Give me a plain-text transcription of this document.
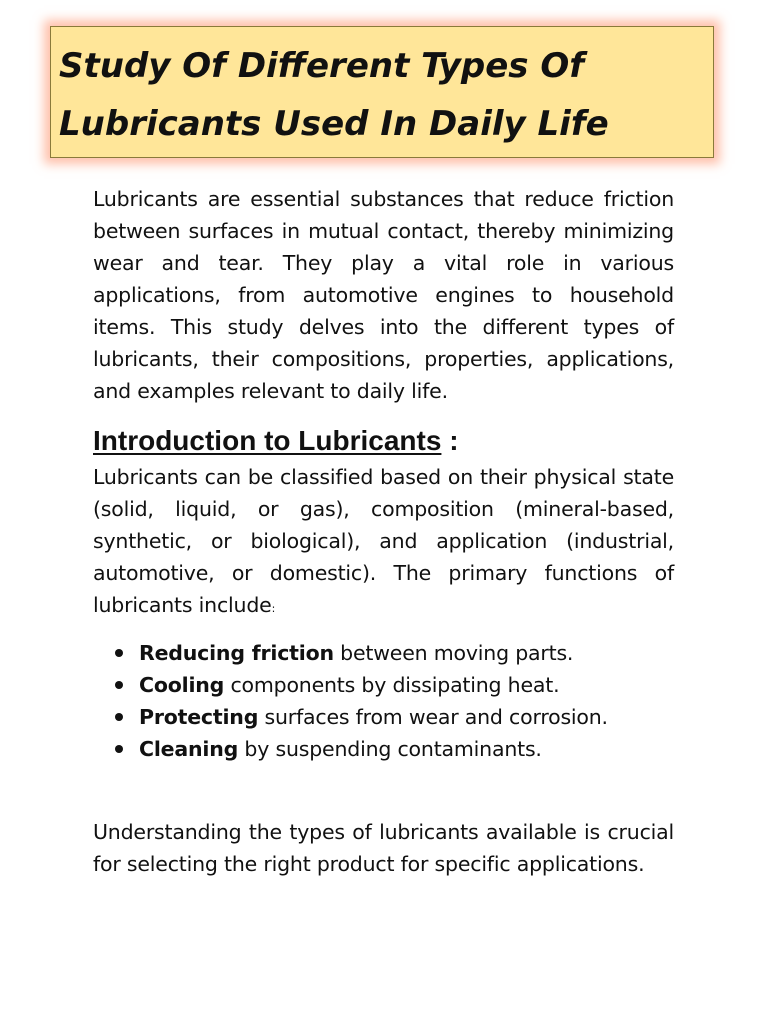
Study Of Different Types Of
Lubricants Used In Daily Life

Lubricants are essential substances that reduce friction between surfaces in mutual contact, thereby minimizing wear and tear. They play a vital role in various applications, from automotive engines to household items. This study delves into the different types of lubricants, their compositions, properties, applications, and examples relevant to daily life.

Introduction to Lubricants :

Lubricants can be classified based on their physical state (solid, liquid, or gas), composition (mineral-based, synthetic, or biological), and application (industrial, automotive, or domestic). The primary functions of lubricants include:

Reducing friction between moving parts.
Cooling components by dissipating heat.
Protecting surfaces from wear and corrosion.
Cleaning by suspending contaminants.

Understanding the types of lubricants available is crucial for selecting the right product for specific applications.
